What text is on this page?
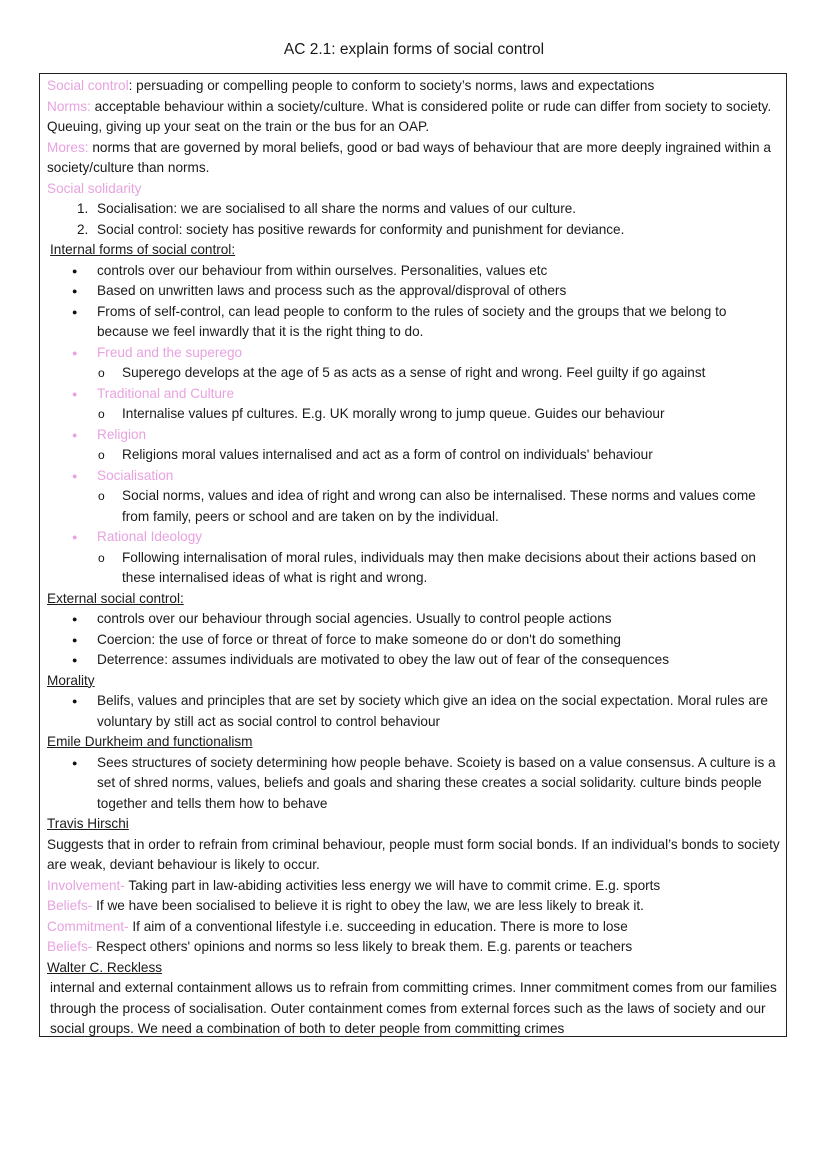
AC 2.1: explain forms of social control

Social control: persuading or compelling people to conform to society’s norms, laws and expectations

Norms: acceptable behaviour within a society/culture. What is considered polite or rude can differ from society to society. Queuing, giving up your seat on the train or the bus for an OAP.

Mores: norms that are governed by moral beliefs, good or bad ways of behaviour that are more deeply ingrained within a society/culture than norms.

Social solidarity

1. Socialisation: we are socialised to all share the norms and values of our culture.
2. Social control: society has positive rewards for conformity and punishment for deviance.

Internal forms of social control:

● controls over our behaviour from within ourselves. Personalities, values etc
● Based on unwritten laws and process such as the approval/disproval of others
● Froms of self-control, can lead people to conform to the rules of society and the groups that we belong to because we feel inwardly that it is the right thing to do.
● Freud and the superego
o Superego develops at the age of 5 as acts as a sense of right and wrong. Feel guilty if go against
● Traditional and Culture
o Internalise values pf cultures. E.g. UK morally wrong to jump queue. Guides our behaviour
● Religion
o Religions moral values internalised and act as a form of control on individuals' behaviour
● Socialisation
o Social norms, values and idea of right and wrong can also be internalised. These norms and values come from family, peers or school and are taken on by the individual.
● Rational Ideology
o Following internalisation of moral rules, individuals may then make decisions about their actions based on these internalised ideas of what is right and wrong.

External social control:

● controls over our behaviour through social agencies. Usually to control people actions
● Coercion: the use of force or threat of force to make someone do or don't do something
● Deterrence: assumes individuals are motivated to obey the law out of fear of the consequences

Morality

● Belifs, values and principles that are set by society which give an idea on the social expectation. Moral rules are voluntary by still act as social control to control behaviour

Emile Durkheim and functionalism

● Sees structures of society determining how people behave. Scoiety is based on a value consensus. A culture is a set of shred norms, values, beliefs and goals and sharing these creates a social solidarity. culture binds people together and tells them how to behave

Travis Hirschi

Suggests that in order to refrain from criminal behaviour, people must form social bonds. If an individual’s bonds to society are weak, deviant behaviour is likely to occur.

Involvement- Taking part in law-abiding activities less energy we will have to commit crime. E.g. sports

Beliefs- If we have been socialised to believe it is right to obey the law, we are less likely to break it.

Commitment- If aim of a conventional lifestyle i.e. succeeding in education. There is more to lose

Beliefs- Respect others' opinions and norms so less likely to break them. E.g. parents or teachers

Walter C. Reckless

internal and external containment allows us to refrain from committing crimes. Inner commitment comes from our families through the process of socialisation. Outer containment comes from external forces such as the laws of society and our social groups. We need a combination of both to deter people from committing crimes
